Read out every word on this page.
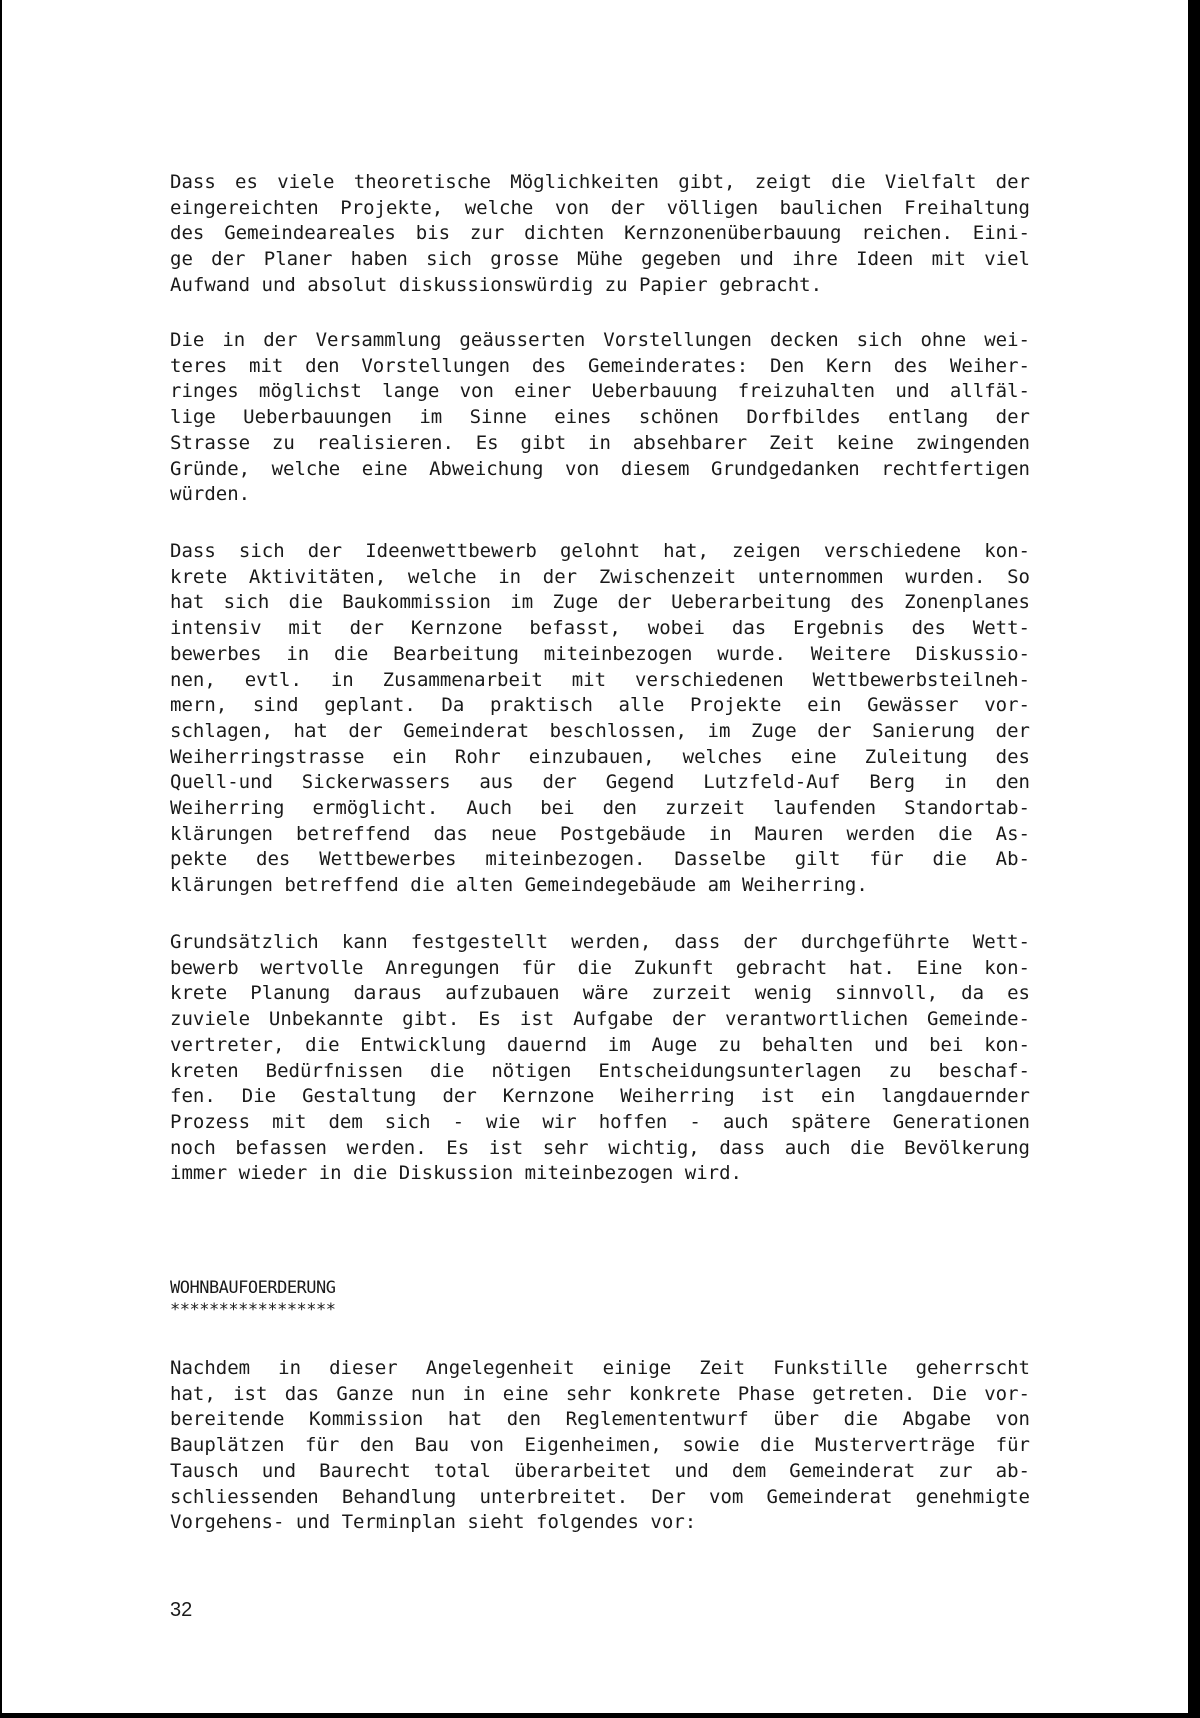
Dass es viele theoretische Möglichkeiten gibt, zeigt die Vielfalt der
eingereichten Projekte, welche von der völligen baulichen Freihaltung
des Gemeindeareales bis zur dichten Kernzonenüberbauung reichen. Eini-
ge der Planer haben sich grosse Mühe gegeben und ihre Ideen mit viel
Aufwand und absolut diskussionswürdig zu Papier gebracht.
Die in der Versammlung geäusserten Vorstellungen decken sich ohne wei-
teres mit den Vorstellungen des Gemeinderates: Den Kern des Weiher-
ringes möglichst lange von einer Ueberbauung freizuhalten und allfäl-
lige Ueberbauungen im Sinne eines schönen Dorfbildes entlang der
Strasse zu realisieren. Es gibt in absehbarer Zeit keine zwingenden
Gründe, welche eine Abweichung von diesem Grundgedanken rechtfertigen
würden.
Dass sich der Ideenwettbewerb gelohnt hat, zeigen verschiedene kon-
krete Aktivitäten, welche in der Zwischenzeit unternommen wurden. So
hat sich die Baukommission im Zuge der Ueberarbeitung des Zonenplanes
intensiv mit der Kernzone befasst, wobei das Ergebnis des Wett-
bewerbes in die Bearbeitung miteinbezogen wurde. Weitere Diskussio-
nen, evtl. in Zusammenarbeit mit verschiedenen Wettbewerbsteilneh-
mern, sind geplant. Da praktisch alle Projekte ein Gewässer vor-
schlagen, hat der Gemeinderat beschlossen, im Zuge der Sanierung der
Weiherringstrasse ein Rohr einzubauen, welches eine Zuleitung des
Quell-und Sickerwassers aus der Gegend Lutzfeld-Auf Berg in den
Weiherring ermöglicht. Auch bei den zurzeit laufenden Standortab-
klärungen betreffend das neue Postgebäude in Mauren werden die As-
pekte des Wettbewerbes miteinbezogen. Dasselbe gilt für die Ab-
klärungen betreffend die alten Gemeindegebäude am Weiherring.
Grundsätzlich kann festgestellt werden, dass der durchgeführte Wett-
bewerb wertvolle Anregungen für die Zukunft gebracht hat. Eine kon-
krete Planung daraus aufzubauen wäre zurzeit wenig sinnvoll, da es
zuviele Unbekannte gibt. Es ist Aufgabe der verantwortlichen Gemeinde-
vertreter, die Entwicklung dauernd im Auge zu behalten und bei kon-
kreten Bedürfnissen die nötigen Entscheidungsunterlagen zu beschaf-
fen. Die Gestaltung der Kernzone Weiherring ist ein langdauernder
Prozess mit dem sich - wie wir hoffen - auch spätere Generationen
noch befassen werden. Es ist sehr wichtig, dass auch die Bevölkerung
immer wieder in die Diskussion miteinbezogen wird.
WOHNBAUFOERDERUNG
*****************
Nachdem in dieser Angelegenheit einige Zeit Funkstille geherrscht
hat, ist das Ganze nun in eine sehr konkrete Phase getreten. Die vor-
bereitende Kommission hat den Reglemententwurf über die Abgabe von
Bauplätzen für den Bau von Eigenheimen, sowie die Musterverträge für
Tausch und Baurecht total überarbeitet und dem Gemeinderat zur ab-
schliessenden Behandlung unterbreitet. Der vom Gemeinderat genehmigte
Vorgehens- und Terminplan sieht folgendes vor:
32
